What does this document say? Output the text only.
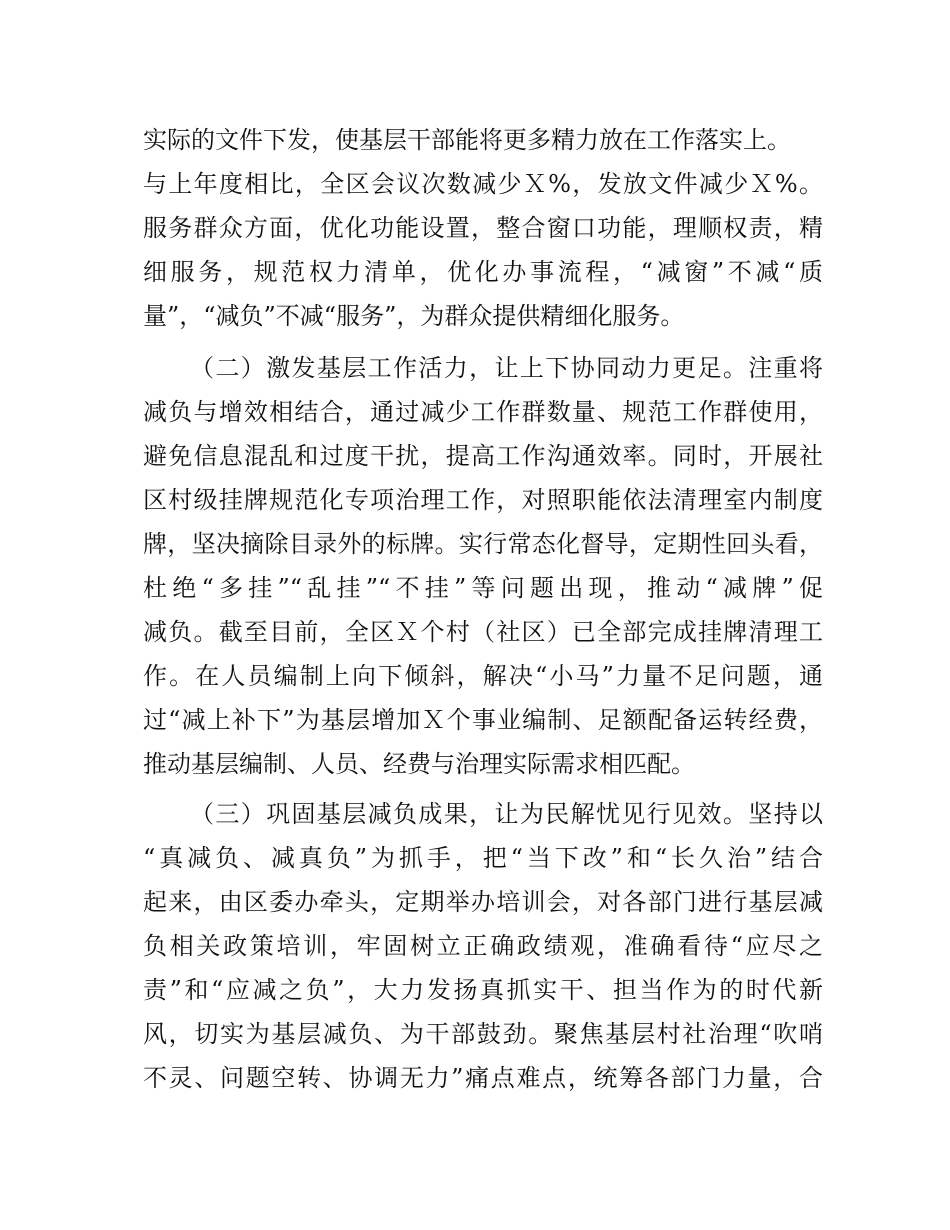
实际的文件下发，使基层干部能将更多精力放在工作落实上。
与上年度相比，全区会议次数减少Ｘ%，发放文件减少Ｘ%。
服务群众方面，优化功能设置，整合窗口功能，理顺权责，精
细服务，规范权力清单，优化办事流程，“减窗”不减“质
量”，“减负”不减“服务”，为群众提供精细化服务。
（二）激发基层工作活力，让上下协同动力更足。注重将
减负与增效相结合，通过减少工作群数量、规范工作群使用，
避免信息混乱和过度干扰，提高工作沟通效率。同时，开展社
区村级挂牌规范化专项治理工作，对照职能依法清理室内制度
牌，坚决摘除目录外的标牌。实行常态化督导，定期性回头看，
杜绝“多挂”“乱挂”“不挂”等问题出现，推动“减牌”促
减负。截至目前，全区Ｘ个村（社区）已全部完成挂牌清理工
作。在人员编制上向下倾斜，解决“小马”力量不足问题，通
过“减上补下”为基层增加Ｘ个事业编制、足额配备运转经费，
推动基层编制、人员、经费与治理实际需求相匹配。
（三）巩固基层减负成果，让为民解忧见行见效。坚持以
“真减负、减真负”为抓手，把“当下改”和“长久治”结合
起来，由区委办牵头，定期举办培训会，对各部门进行基层减
负相关政策培训，牢固树立正确政绩观，准确看待“应尽之
责”和“应减之负”，大力发扬真抓实干、担当作为的时代新
风，切实为基层减负、为干部鼓劲。聚焦基层村社治理“吹哨
不灵、问题空转、协调无力”痛点难点，统筹各部门力量，合
